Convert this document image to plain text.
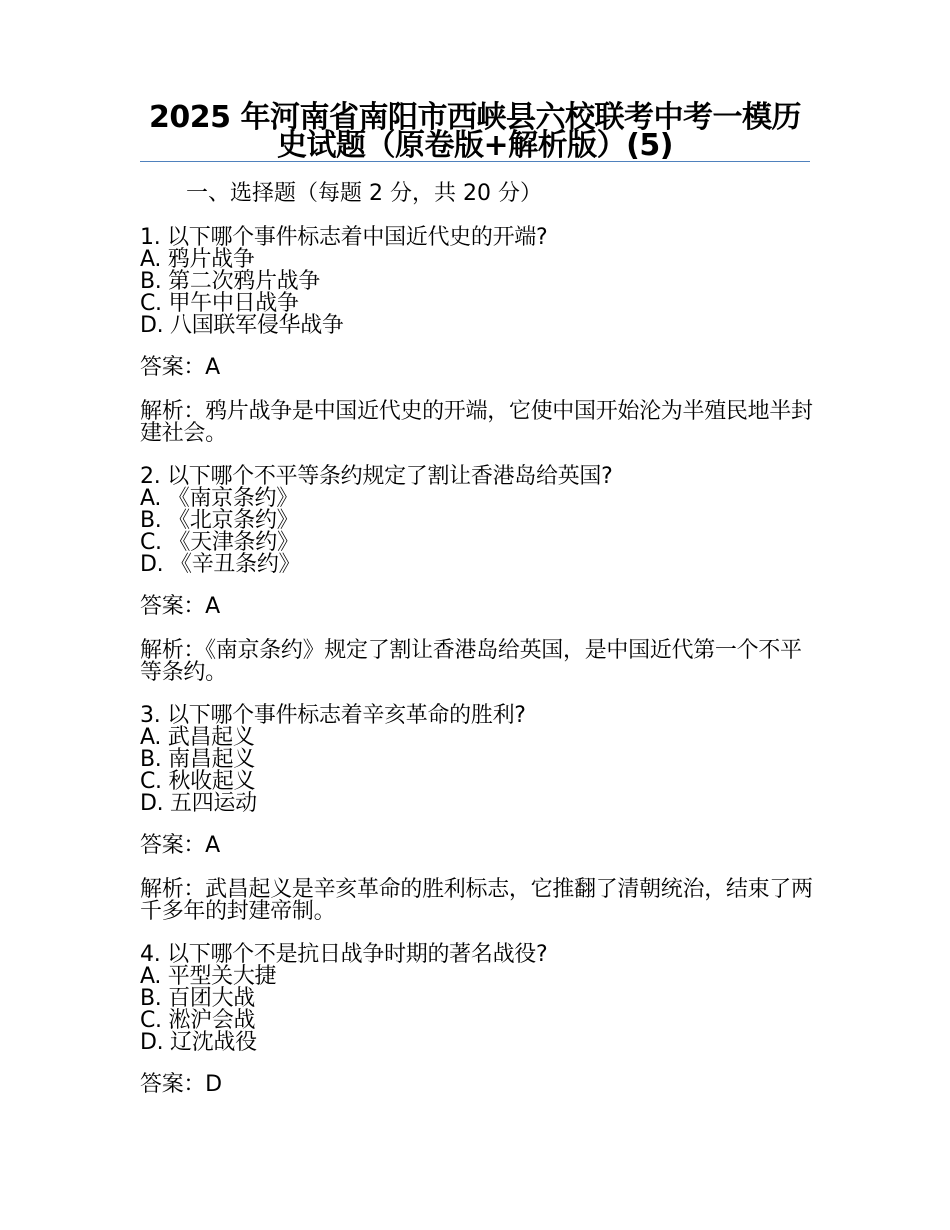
2025 年河南省南阳市西峡县六校联考中考一模历史试题（原卷版+解析版）(5)
一、选择题（每题 2 分，共 20 分）
1. 以下哪个事件标志着中国近代史的开端?
A. 鸦片战争
B. 第二次鸦片战争
C. 甲午中日战争
D. 八国联军侵华战争
答案：A
解析：鸦片战争是中国近代史的开端，它使中国开始沦为半殖民地半封建社会。
2. 以下哪个不平等条约规定了割让香港岛给英国?
A. 《南京条约》
B. 《北京条约》
C. 《天津条约》
D. 《辛丑条约》
答案：A
解析：《南京条约》规定了割让香港岛给英国，是中国近代第一个不平等条约。
3. 以下哪个事件标志着辛亥革命的胜利?
A. 武昌起义
B. 南昌起义
C. 秋收起义
D. 五四运动
答案：A
解析：武昌起义是辛亥革命的胜利标志，它推翻了清朝统治，结束了两千多年的封建帝制。
4. 以下哪个不是抗日战争时期的著名战役?
A. 平型关大捷
B. 百团大战
C. 淞沪会战
D. 辽沈战役
答案：D
